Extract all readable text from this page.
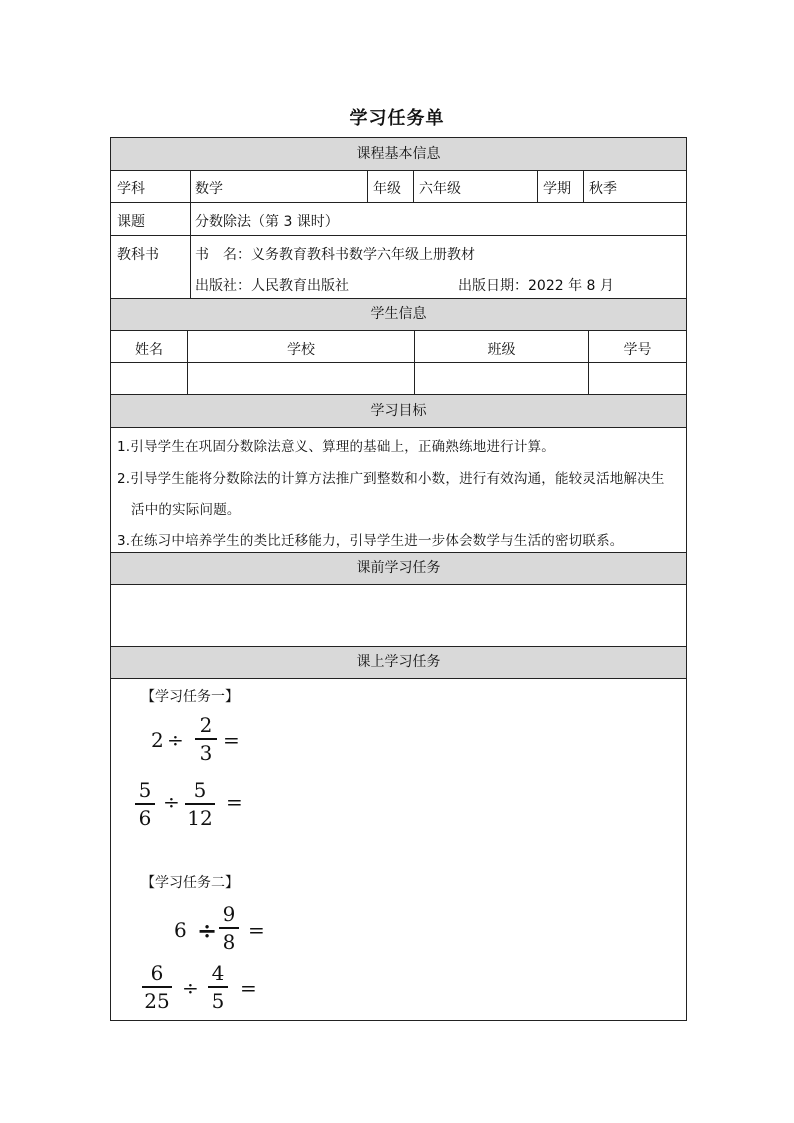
学习任务单
课程基本信息
学科	数学	年级 六年级	学期 秋季
课题	分数除法（第 3 课时）
教科书	书　名：义务教育教科书数学六年级上册教材
出版社：人民教育出版社	出版日期：2022 年 8 月
学生信息
姓名	学校	班级	学号
学习目标
1.引导学生在巩固分数除法意义、算理的基础上，正确熟练地进行计算。
2.引导学生能将分数除法的计算方法推广到整数和小数，进行有效沟通，能较灵活地解决生
活中的实际问题。
3.在练习中培养学生的类比迁移能力，引导学生进一步体会数学与生活的密切联系。
课前学习任务
课上学习任务
【学习任务一】
2 ÷
2
3
=
5
6
÷ 5
12
=
【学习任务二】
6 ÷
9
8 =
6
25
÷
4
5
=
